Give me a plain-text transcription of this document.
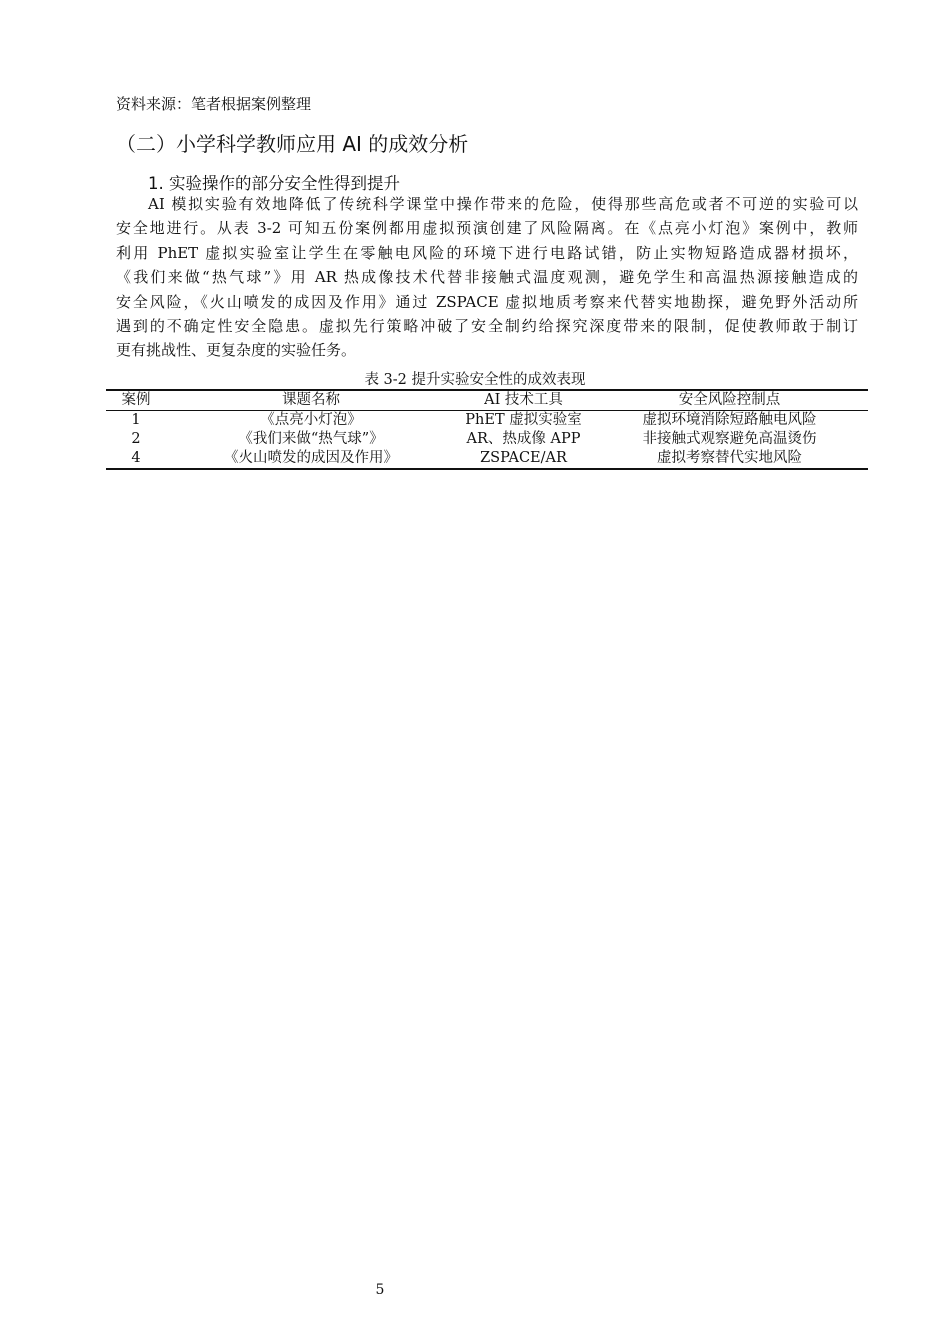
资料来源：笔者根据案例整理
（二）小学科学教师应用 AI 的成效分析
1. 实验操作的部分安全性得到提升
AI 模拟实验有效地降低了传统科学课堂中操作带来的危险，使得那些高危或者不可逆的实验可以
安全地进行。从表 3-2 可知五份案例都用虚拟预演创建了风险隔离。在《点亮小灯泡》案例中，教师
利用 PhET 虚拟实验室让学生在零触电风险的环境下进行电路试错，防止实物短路造成器材损坏，
《我们来做“热气球”》用 AR 热成像技术代替非接触式温度观测，避免学生和高温热源接触造成的
安全风险，《火山喷发的成因及作用》通过 ZSPACE 虚拟地质考察来代替实地勘探，避免野外活动所
遇到的不确定性安全隐患。虚拟先行策略冲破了安全制约给探究深度带来的限制，促使教师敢于制订
更有挑战性、更复杂度的实验任务。
表 3-2 提升实验安全性的成效表现
案例	课题名称	AI 技术工具	安全风险控制点
1	《点亮小灯泡》	PhET 虚拟实验室	虚拟环境消除短路触电风险
2	《我们来做“热气球”》	AR、热成像 APP	非接触式观察避免高温烫伤
4	《火山喷发的成因及作用》	ZSPACE/AR	虚拟考察替代实地风险
5
